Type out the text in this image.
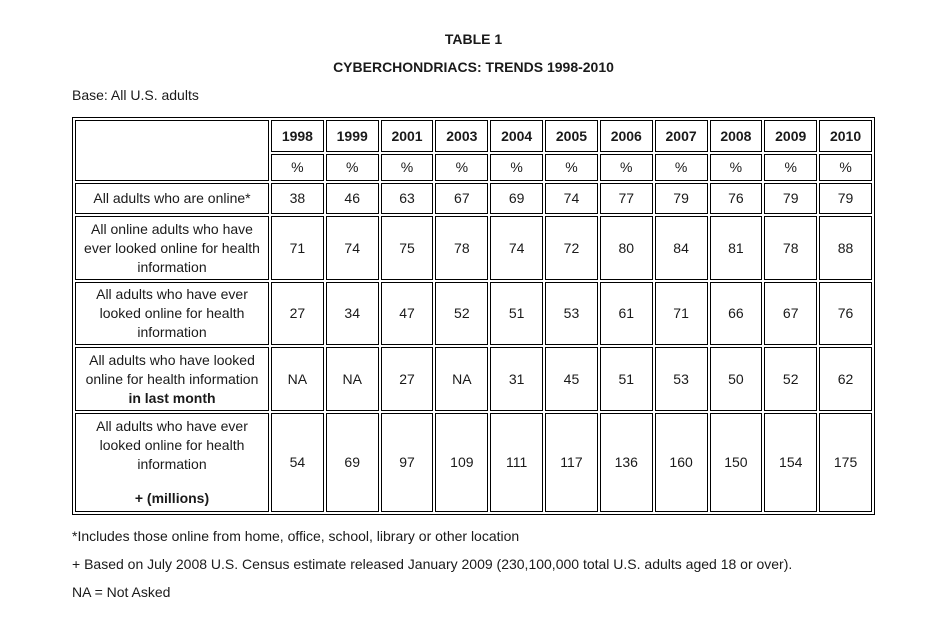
TABLE 1
CYBERCHONDRIACS: TRENDS 1998-2010
Base: All U.S. adults
	1998	1999	2001	2003	2004	2005	2006	2007	2008	2009	2010
	%	%	%	%	%	%	%	%	%	%	%
All adults who are online*	38	46	63	67	69	74	77	79	76	79	79
All online adults who have ever looked online for health information	71	74	75	78	74	72	80	84	81	78	88
All adults who have ever looked online for health information	27	34	47	52	51	53	61	71	66	67	76
All adults who have looked online for health information in last month	NA	NA	27	NA	31	45	51	53	50	52	62
All adults who have ever looked online for health information
+ (millions)	54	69	97	109	111	117	136	160	150	154	175
*Includes those online from home, office, school, library or other location
+ Based on July 2008 U.S. Census estimate released January 2009 (230,100,000 total U.S. adults aged 18 or over).
NA = Not Asked
